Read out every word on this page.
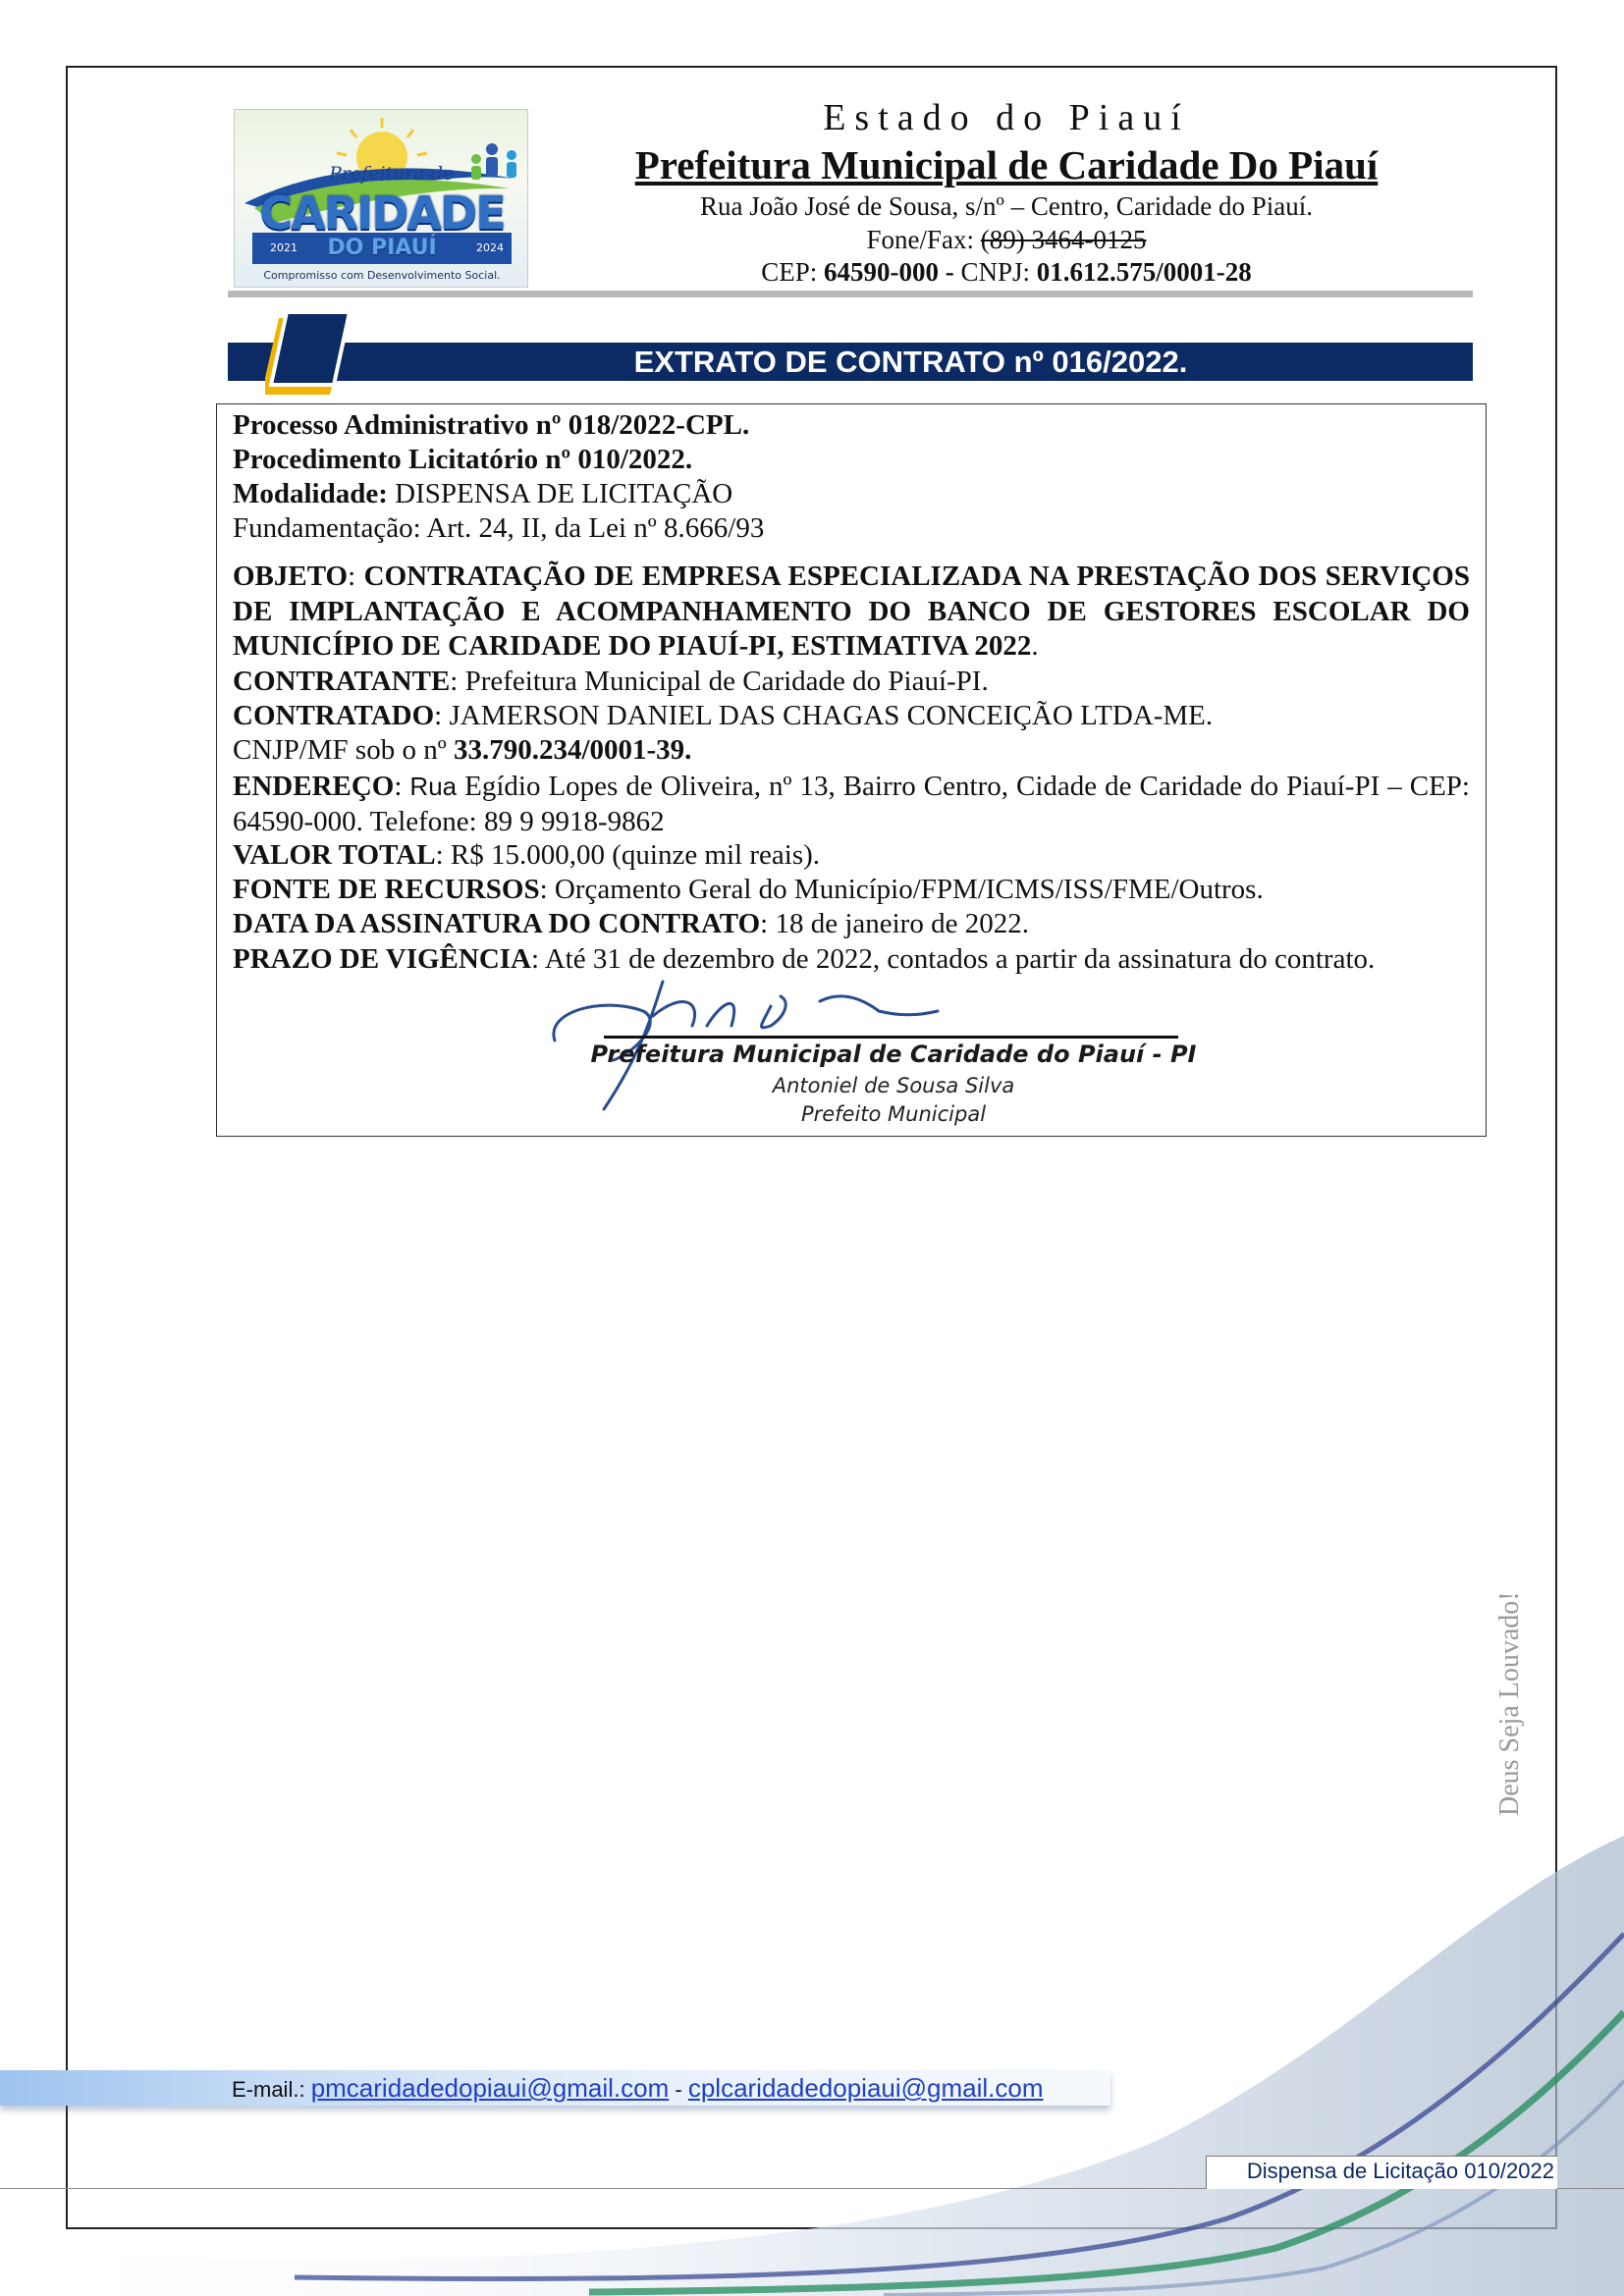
Prefeitura de
CARIDADE
2021	2024
DO PIAUÍ
Compromisso com Desenvolvimento Social.
Estado do Piauí
Prefeitura Municipal de Caridade Do Piauí
Rua João José de Sousa, s/nº – Centro, Caridade do Piauí.
Fone/Fax: (89) 3464-0125
CEP: 64590-000 - CNPJ: 01.612.575/0001-28
EXTRATO DE CONTRATO nº 016/2022.
Processo Administrativo nº 018/2022-CPL.
Procedimento Licitatório nº 010/2022.
Modalidade: DISPENSA DE LICITAÇÃO
Fundamentação: Art. 24, II, da Lei nº 8.666/93
OBJETO: CONTRATAÇÃO DE EMPRESA ESPECIALIZADA NA PRESTAÇÃO DOS SERVIÇOS DE IMPLANTAÇÃO E ACOMPANHAMENTO DO BANCO DE GESTORES ESCOLAR DO MUNICÍPIO DE CARIDADE DO PIAUÍ-PI, ESTIMATIVA 2022.
CONTRATANTE: Prefeitura Municipal de Caridade do Piauí-PI.
CONTRATADO: JAMERSON DANIEL DAS CHAGAS CONCEIÇÃO LTDA-ME.
CNJP/MF sob o nº 33.790.234/0001-39.
ENDEREÇO: Rua Egídio Lopes de Oliveira, nº 13, Bairro Centro, Cidade de Caridade do Piauí-PI – CEP: 64590-000. Telefone: 89 9 9918-9862
VALOR TOTAL: R$ 15.000,00 (quinze mil reais).
FONTE DE RECURSOS: Orçamento Geral do Município/FPM/ICMS/ISS/FME/Outros.
DATA DA ASSINATURA DO CONTRATO: 18 de janeiro de 2022.
PRAZO DE VIGÊNCIA: Até 31 de dezembro de 2022, contados a partir da assinatura do contrato.
Prefeitura Municipal de Caridade do Piauí - PI
Antoniel de Sousa Silva
Prefeito Municipal
Deus Seja Louvado!
E-mail.: pmcaridadedopiaui@gmail.com - cplcaridadedopiaui@gmail.com
Dispensa de Licitação 010/2022
